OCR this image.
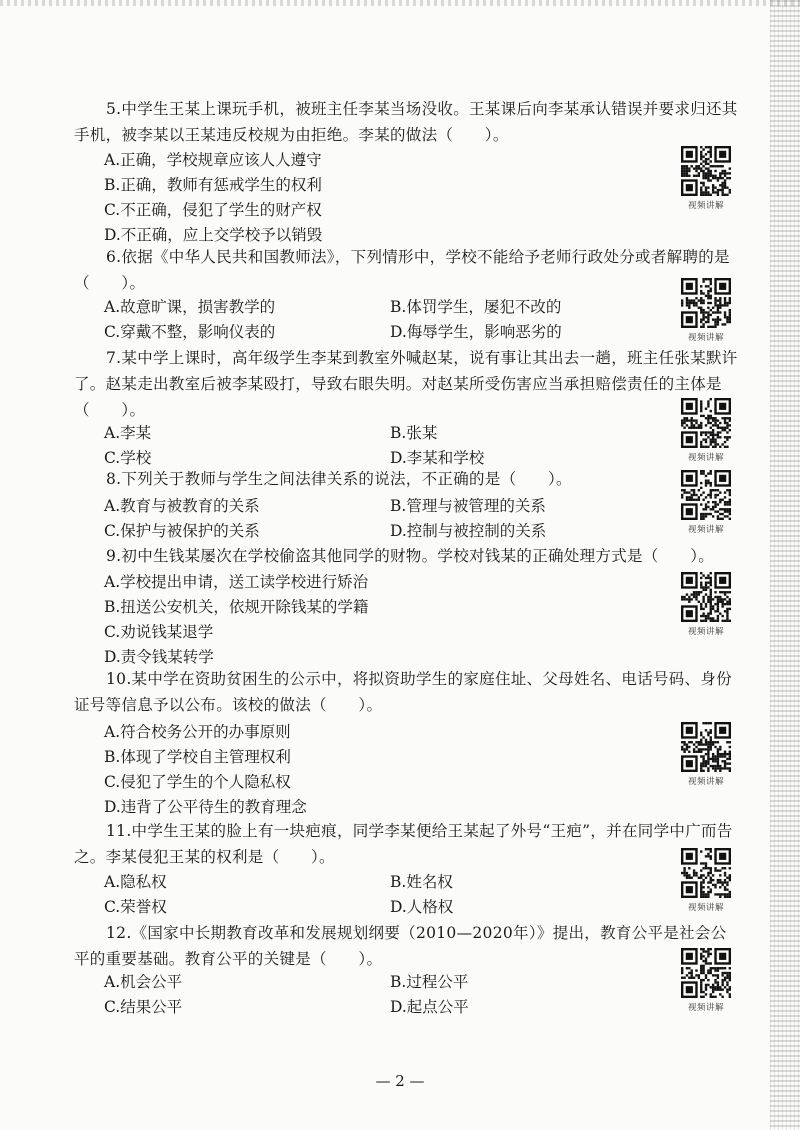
5.中学生王某上课玩手机，被班主任李某当场没收。王某课后向李某承认错误并要求归还其手机，被李某以王某违反校规为由拒绝。李某的做法（　　）。

A.正确，学校规章应该人人遵守
B.正确，教师有惩戒学生的权利
C.不正确，侵犯了学生的财产权
D.不正确，应上交学校予以销毁
视频讲解

6.依据《中华人民共和国教师法》，下列情形中，学校不能给予老师行政处分或者解聘的是（　　）。

A.故意旷课，损害教学的	B.体罚学生，屡犯不改的
C.穿戴不整，影响仪表的	D.侮辱学生，影响恶劣的	视频讲解

7.某中学上课时，高年级学生李某到教室外喊赵某，说有事让其出去一趟，班主任张某默许了。赵某走出教室后被李某殴打，导致右眼失明。对赵某所受伤害应当承担赔偿责任的主体是（　　）。

A.李某	B.张某
C.学校	D.李某和学校	视频讲解

8.下列关于教师与学生之间法律关系的说法，不正确的是（　　）。

A.教育与被教育的关系	B.管理与被管理的关系
C.保护与被保护的关系	D.控制与被控制的关系	视频讲解

9.初中生钱某屡次在学校偷盗其他同学的财物。学校对钱某的正确处理方式是（　　）。

A.学校提出申请，送工读学校进行矫治
B.扭送公安机关，依规开除钱某的学籍
C.劝说钱某退学
D.责令钱某转学
视频讲解

10.某中学在资助贫困生的公示中，将拟资助学生的家庭住址、父母姓名、电话号码、身份证号等信息予以公布。该校的做法（　　）。

A.符合校务公开的办事原则
B.体现了学校自主管理权利
C.侵犯了学生的个人隐私权
D.违背了公平待生的教育理念
视频讲解

11.中学生王某的脸上有一块疤痕，同学李某便给王某起了外号“王疤”，并在同学中广而告之。李某侵犯王某的权利是（　　）。

A.隐私权	B.姓名权
C.荣誉权	D.人格权	视频讲解

12.《国家中长期教育改革和发展规划纲要（2010—2020年）》提出，教育公平是社会公平的重要基础。教育公平的关键是（　　）。

A.机会公平	B.过程公平
C.结果公平	D.起点公平	视频讲解
— 2 —
